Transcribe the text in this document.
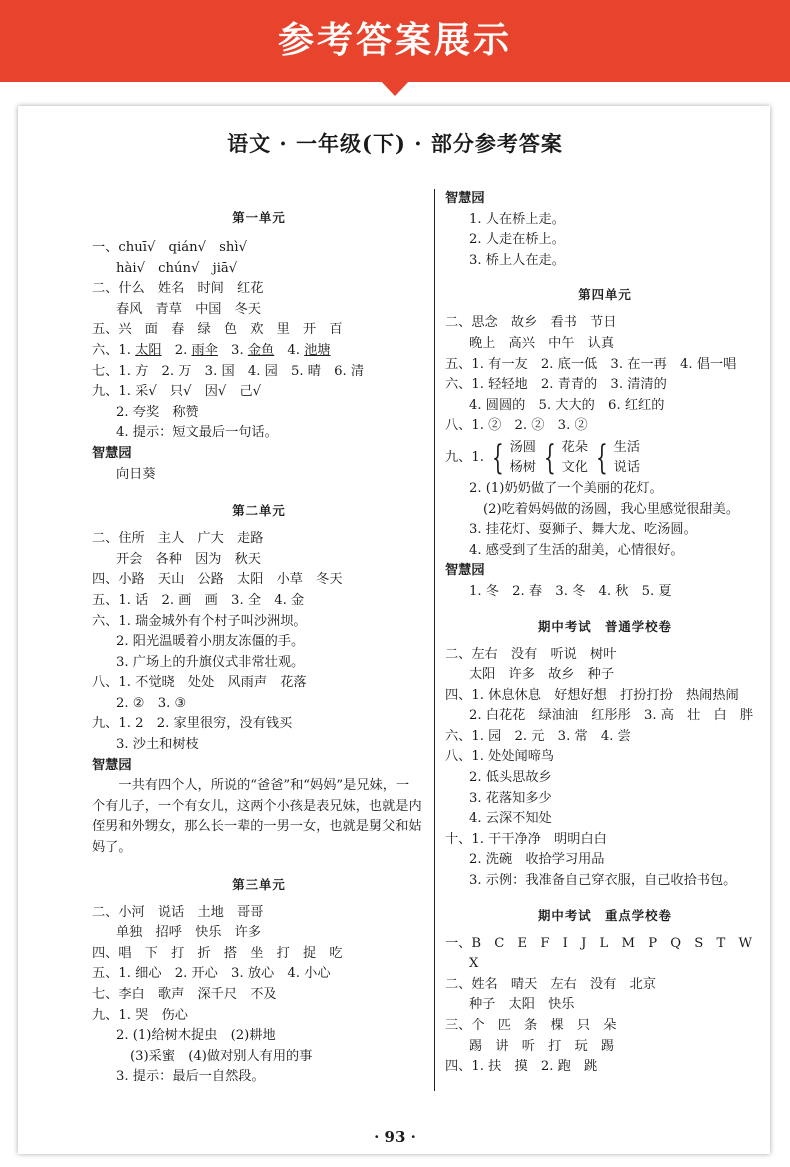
参考答案展示
语文 · 一年级(下) · 部分参考答案
第一单元
一、chuī√　qián√　shì√
hài√　chún√　jiā√
二、什么　姓名　时间　红花
春风　青草　中国　冬天
五、兴　面　春　绿　色　欢　里　开　百
六、1. 太阳　2. 雨伞　3. 金鱼　4. 池塘
七、1. 方　2. 万　3. 国　4. 园　5. 晴　6. 清
九、1. 采√　只√　因√　己√
2. 夸奖　称赞
4. 提示：短文最后一句话。
智慧园
向日葵
第二单元
二、住所　主人　广大　走路
开会　各种　因为　秋天
四、小路　天山　公路　太阳　小草　冬天
五、1. 话　2. 画　画　3. 全　4. 金
六、1. 瑞金城外有个村子叫沙洲坝。
2. 阳光温暖着小朋友冻僵的手。
3. 广场上的升旗仪式非常壮观。
八、1. 不觉晓　处处　风雨声　花落
2. ②　3. ③
九、1. 2　2. 家里很穷，没有钱买
3. 沙土和树枝
智慧园
一共有四个人，所说的“爸爸”和“妈妈”是兄妹，一个有儿子，一个有女儿，这两个小孩是表兄妹，也就是内侄男和外甥女，那么长一辈的一男一女，也就是舅父和姑妈了。
第三单元
二、小河　说话　土地　哥哥
单独　招呼　快乐　许多
四、唱　下　打　折　搭　坐　打　捉　吃
五、1. 细心　2. 开心　3. 放心　4. 小心
七、李白　歌声　深千尺　不及
九、1. 哭　伤心
2. (1)给树木捉虫　(2)耕地
(3)采蜜　(4)做对别人有用的事
3. 提示：最后一自然段。
智慧园
1. 人在桥上走。
2. 人走在桥上。
3. 桥上人在走。
第四单元
二、思念　故乡　看书　节日
晚上　高兴　中午　认真
五、1. 有一友　2. 底一低　3. 在一再　4. 倡一唱
六、1. 轻轻地　2. 青青的　3. 清清的
4. 圆圆的　5. 大大的　6. 红红的
八、1. ②　2. ②　3. ②
九、1. { 汤圆
杨树 { 花朵
文化 { 生活
说话
2. (1)奶奶做了一个美丽的花灯。
(2)吃着妈妈做的汤圆，我心里感觉很甜美。
3. 挂花灯、耍狮子、舞大龙、吃汤圆。
4. 感受到了生活的甜美，心情很好。
智慧园
1. 冬　2. 春　3. 冬　4. 秋　5. 夏
期中考试　普通学校卷
二、左右　没有　听说　树叶
太阳　许多　故乡　种子
四、1. 休息休息　好想好想　打扮打扮　热闹热闹
2. 白花花　绿油油　红彤彤　3. 高　壮　白　胖
六、1. 园　2. 元　3. 常　4. 尝
八、1. 处处闻啼鸟
2. 低头思故乡
3. 花落知多少
4. 云深不知处
十、1. 干干净净　明明白白
2. 洗碗　收拾学习用品
3. 示例：我准备自己穿衣服，自己收拾书包。
期中考试　重点学校卷
一、B　C　E　F　I　J　L　M　P　Q　S　T　W
X
二、姓名　晴天　左右　没有　北京
种子　太阳　快乐
三、个　匹　条　棵　只　朵
踢　讲　听　打　玩　踢
四、1. 扶　摸　2. 跑　跳
· 93 ·
